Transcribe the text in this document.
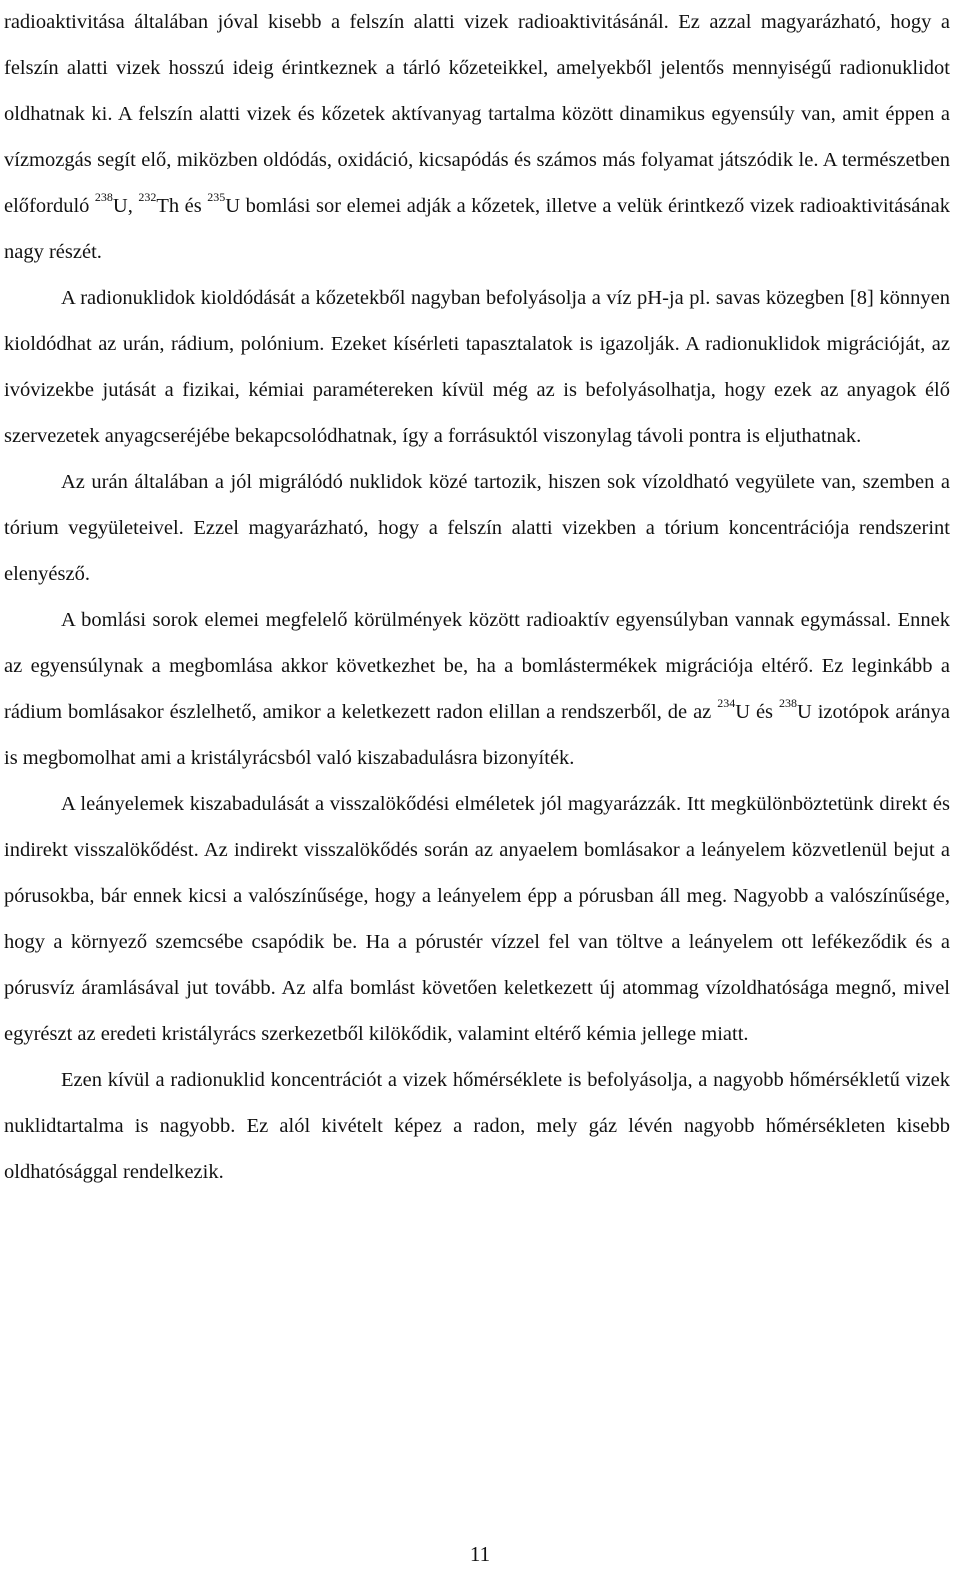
radioaktivitása általában jóval kisebb a felszín alatti vizek radioaktivitásánál. Ez azzal magyarázható, hogy a felszín alatti vizek hosszú ideig érintkeznek a tárló kőzeteikkel, amelyekből jelentős mennyiségű radionuklidot oldhatnak ki. A felszín alatti vizek és kőzetek aktívanyag tartalma között dinamikus egyensúly van, amit éppen a vízmozgás segít elő, miközben oldódás, oxidáció, kicsapódás és számos más folyamat játszódik le. A természetben előforduló $^{238}$U, $^{232}$Th és $^{235}$U bomlási sor elemei adják a kőzetek, illetve a velük érintkező vizek radioaktivitásának nagy részét.

A radionuklidok kioldódását a kőzetekből nagyban befolyásolja a víz pH-ja pl. savas közegben [8] könnyen kioldódhat az urán, rádium, polónium. Ezeket kísérleti tapasztalatok is igazolják. A radionuklidok migrációját, az ivóvizekbe jutását a fizikai, kémiai paramétereken kívül még az is befolyásolhatja, hogy ezek az anyagok élő szervezetek anyagcseréjébe bekapcsolódhatnak, így a forrásuktól viszonylag távoli pontra is eljuthatnak.

Az urán általában a jól migrálódó nuklidok közé tartozik, hiszen sok vízoldható vegyülete van, szemben a tórium vegyületeivel. Ezzel magyarázható, hogy a felszín alatti vizekben a tórium koncentrációja rendszerint elenyésző.

A bomlási sorok elemei megfelelő körülmények között radioaktív egyensúlyban vannak egymással. Ennek az egyensúlynak a megbomlása akkor következhet be, ha a bomlástermékek migrációja eltérő. Ez leginkább a rádium bomlásakor észlelhető, amikor a keletkezett radon elillan a rendszerből, de az $^{234}$U és $^{238}$U izotópok aránya is megbomolhat ami a kristályrácsból való kiszabadulásra bizonyíték.

A leányelemek kiszabadulását a visszalökődési elméletek jól magyarázzák. Itt megkülönböztetünk direkt és indirekt visszalökődést. Az indirekt visszalökődés során az anyaelem bomlásakor a leányelem közvetlenül bejut a pórusokba, bár ennek kicsi a valószínűsége, hogy a leányelem épp a pórusban áll meg. Nagyobb a valószínűsége, hogy a környező szemcsébe csapódik be. Ha a pórustér vízzel fel van töltve a leányelem ott lefékeződik és a pórusvíz áramlásával jut tovább. Az alfa bomlást követően keletkezett új atommag vízoldhatósága megnő, mivel egyrészt az eredeti kristályrács szerkezetből kilökődik, valamint eltérő kémia jellege miatt.

Ezen kívül a radionuklid koncentrációt a vizek hőmérséklete is befolyásolja, a nagyobb hőmérsékletű vizek nuklidtartalma is nagyobb. Ez alól kivételt képez a radon, mely gáz lévén nagyobb hőmérsékleten kisebb oldhatósággal rendelkezik.

11
